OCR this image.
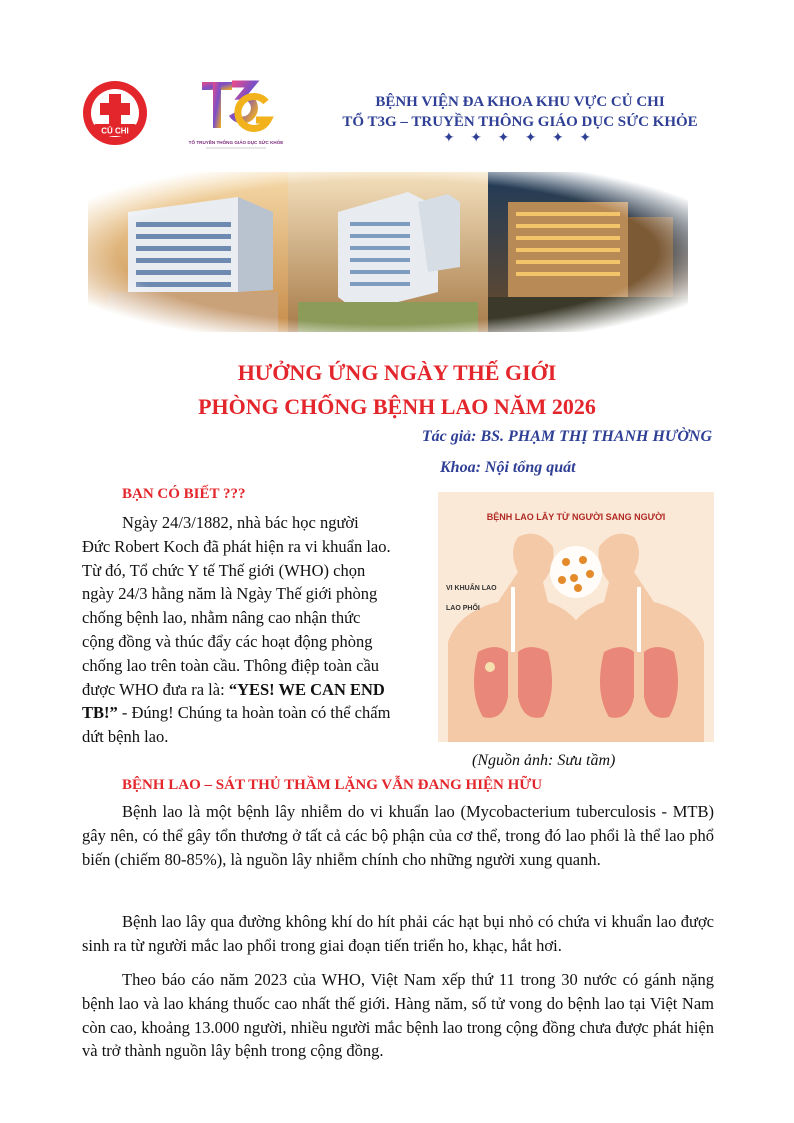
CỦ CHI
TỔ TRUYỀN THÔNG GIÁO DỤC SỨC KHỎE
BỆNH VIỆN ĐA KHOA KHU VỰC CỦ CHI
TỔ T3G – TRUYỀN THÔNG GIÁO DỤC SỨC KHỎE
✦ ✦ ✦ ✦ ✦ ✦
HƯỞNG ỨNG NGÀY THẾ GIỚI
PHÒNG CHỐNG BỆNH LAO NĂM 2026
Tác giả: BS. PHẠM THỊ THANH HƯỜNG
Khoa: Nội tổng quát
BẠN CÓ BIẾT ???
Ngày 24/3/1882, nhà bác học người
Đức Robert Koch đã phát hiện ra vi khuẩn lao.
Từ đó, Tổ chức Y tế Thế giới (WHO) chọn
ngày 24/3 hằng năm là Ngày Thế giới phòng
chống bệnh lao, nhằm nâng cao nhận thức
cộng đồng và thúc đẩy các hoạt động phòng
chống lao trên toàn cầu. Thông điệp toàn cầu
được WHO đưa ra là: “YES! WE CAN END
TB!” - Đúng! Chúng ta hoàn toàn có thể chấm
dứt bệnh lao.
BỆNH LAO LÂY TỪ NGƯỜI SANG NGƯỜI
VI KHUẨN LAO
LAO PHỔI
(Nguồn ảnh: Sưu tầm)
BỆNH LAO – SÁT THỦ THẦM LẶNG VẪN ĐANG HIỆN HỮU
Bệnh lao là một bệnh lây nhiễm do vi khuẩn lao (Mycobacterium tuberculosis - MTB) gây nên, có thể gây tổn thương ở tất cả các bộ phận của cơ thể, trong đó lao phổi là thể lao phổ biến (chiếm 80-85%), là nguồn lây nhiễm chính cho những người xung quanh.
Bệnh lao lây qua đường không khí do hít phải các hạt bụi nhỏ có chứa vi khuẩn lao được sinh ra từ người mắc lao phổi trong giai đoạn tiến triển ho, khạc, hắt hơi.
Theo báo cáo năm 2023 của WHO, Việt Nam xếp thứ 11 trong 30 nước có gánh nặng bệnh lao và lao kháng thuốc cao nhất thế giới. Hàng năm, số tử vong do bệnh lao tại Việt Nam còn cao, khoảng 13.000 người, nhiều người mắc bệnh lao trong cộng đồng chưa được phát hiện và trở thành nguồn lây bệnh trong cộng đồng.
